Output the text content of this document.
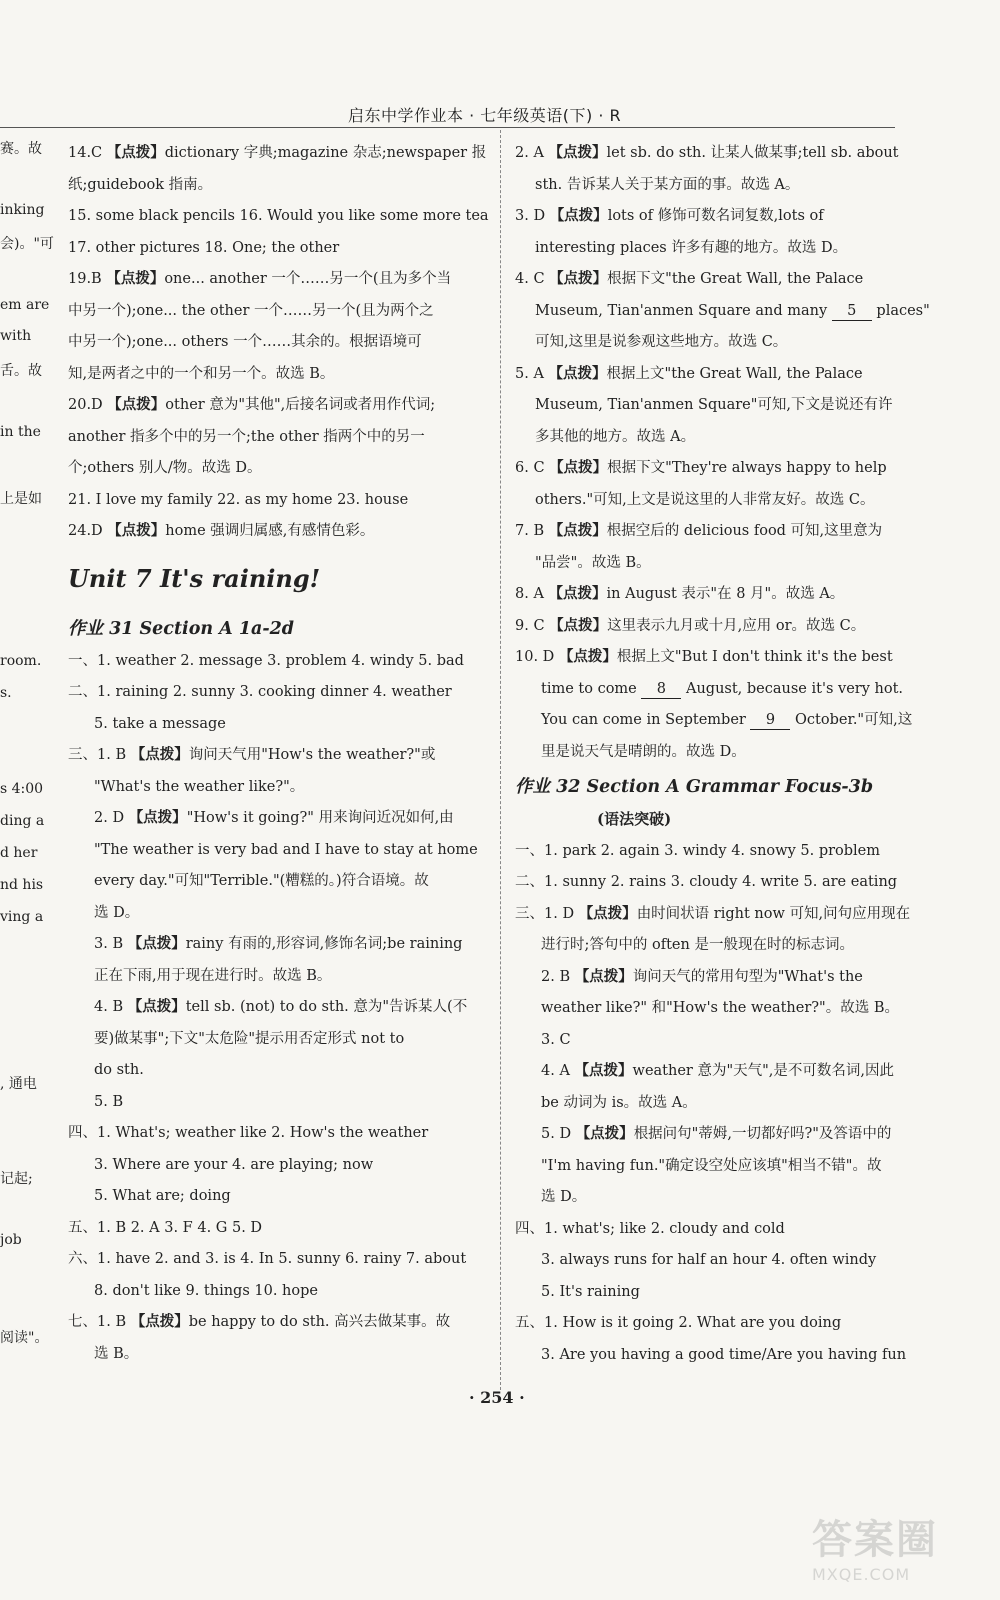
启东中学作业本 · 七年级英语(下) · R
赛。故
inking
会)。"可
em are
with
舌。故
in the
上是如
room.
s.
s 4:00
ding a
d her
nd his
ving a
, 通电
记起;
job
阅读"。
14.C 【点拨】dictionary 字典;magazine 杂志;newspaper 报
纸;guidebook 指南。
15. some black pencils 16. Would you like some more tea
17. other pictures 18. One; the other
19.B 【点拨】one... another 一个……另一个(且为多个当
中另一个);one... the other 一个……另一个(且为两个之
中另一个);one... others 一个……其余的。根据语境可
知,是两者之中的一个和另一个。故选 B。
20.D 【点拨】other 意为"其他",后接名词或者用作代词;
another 指多个中的另一个;the other 指两个中的另一
个;others 别人/物。故选 D。
21. I love my family 22. as my home 23. house
24.D 【点拨】home 强调归属感,有感情色彩。
Unit 7 It's raining!
作业 31 Section A 1a-2d
一、1. weather 2. message 3. problem 4. windy 5. bad
二、1. raining 2. sunny 3. cooking dinner 4. weather
5. take a message
三、1. B 【点拨】询问天气用"How's the weather?"或
"What's the weather like?"。
2. D 【点拨】"How's it going?" 用来询问近况如何,由
"The weather is very bad and I have to stay at home
every day."可知"Terrible."(糟糕的。)符合语境。故
选 D。
3. B 【点拨】rainy 有雨的,形容词,修饰名词;be raining
正在下雨,用于现在进行时。故选 B。
4. B 【点拨】tell sb. (not) to do sth. 意为"告诉某人(不
要)做某事";下文"太危险"提示用否定形式 not to
do sth.
5. B
四、1. What's; weather like 2. How's the weather
3. Where are your 4. are playing; now
5. What are; doing
五、1. B 2. A 3. F 4. G 5. D
六、1. have 2. and 3. is 4. In 5. sunny 6. rainy 7. about
8. don't like 9. things 10. hope
七、1. B 【点拨】be happy to do sth. 高兴去做某事。故
选 B。
2. A 【点拨】let sb. do sth. 让某人做某事;tell sb. about
sth. 告诉某人关于某方面的事。故选 A。
3. D 【点拨】lots of 修饰可数名词复数,lots of
interesting places 许多有趣的地方。故选 D。
4. C 【点拨】根据下文"the Great Wall, the Palace
Museum, Tian'anmen Square and many 5 places"
可知,这里是说参观这些地方。故选 C。
5. A 【点拨】根据上文"the Great Wall, the Palace
Museum, Tian'anmen Square"可知,下文是说还有许
多其他的地方。故选 A。
6. C 【点拨】根据下文"They're always happy to help
others."可知,上文是说这里的人非常友好。故选 C。
7. B 【点拨】根据空后的 delicious food 可知,这里意为
"品尝"。故选 B。
8. A 【点拨】in August 表示"在 8 月"。故选 A。
9. C 【点拨】这里表示九月或十月,应用 or。故选 C。
10. D 【点拨】根据上文"But I don't think it's the best
time to come 8 August, because it's very hot.
You can come in September 9 October."可知,这
里是说天气是晴朗的。故选 D。
作业 32 Section A Grammar Focus-3b
(语法突破)
一、1. park 2. again 3. windy 4. snowy 5. problem
二、1. sunny 2. rains 3. cloudy 4. write 5. are eating
三、1. D 【点拨】由时间状语 right now 可知,问句应用现在
进行时;答句中的 often 是一般现在时的标志词。
2. B 【点拨】询问天气的常用句型为"What's the
weather like?" 和"How's the weather?"。故选 B。
3. C
4. A 【点拨】weather 意为"天气",是不可数名词,因此
be 动词为 is。故选 A。
5. D 【点拨】根据问句"蒂姆,一切都好吗?"及答语中的
"I'm having fun."确定设空处应该填"相当不错"。故
选 D。
四、1. what's; like 2. cloudy and cold
3. always runs for half an hour 4. often windy
5. It's raining
五、1. How is it going 2. What are you doing
3. Are you having a good time/Are you having fun
· 254 ·
答案圈
MXQE.COM
